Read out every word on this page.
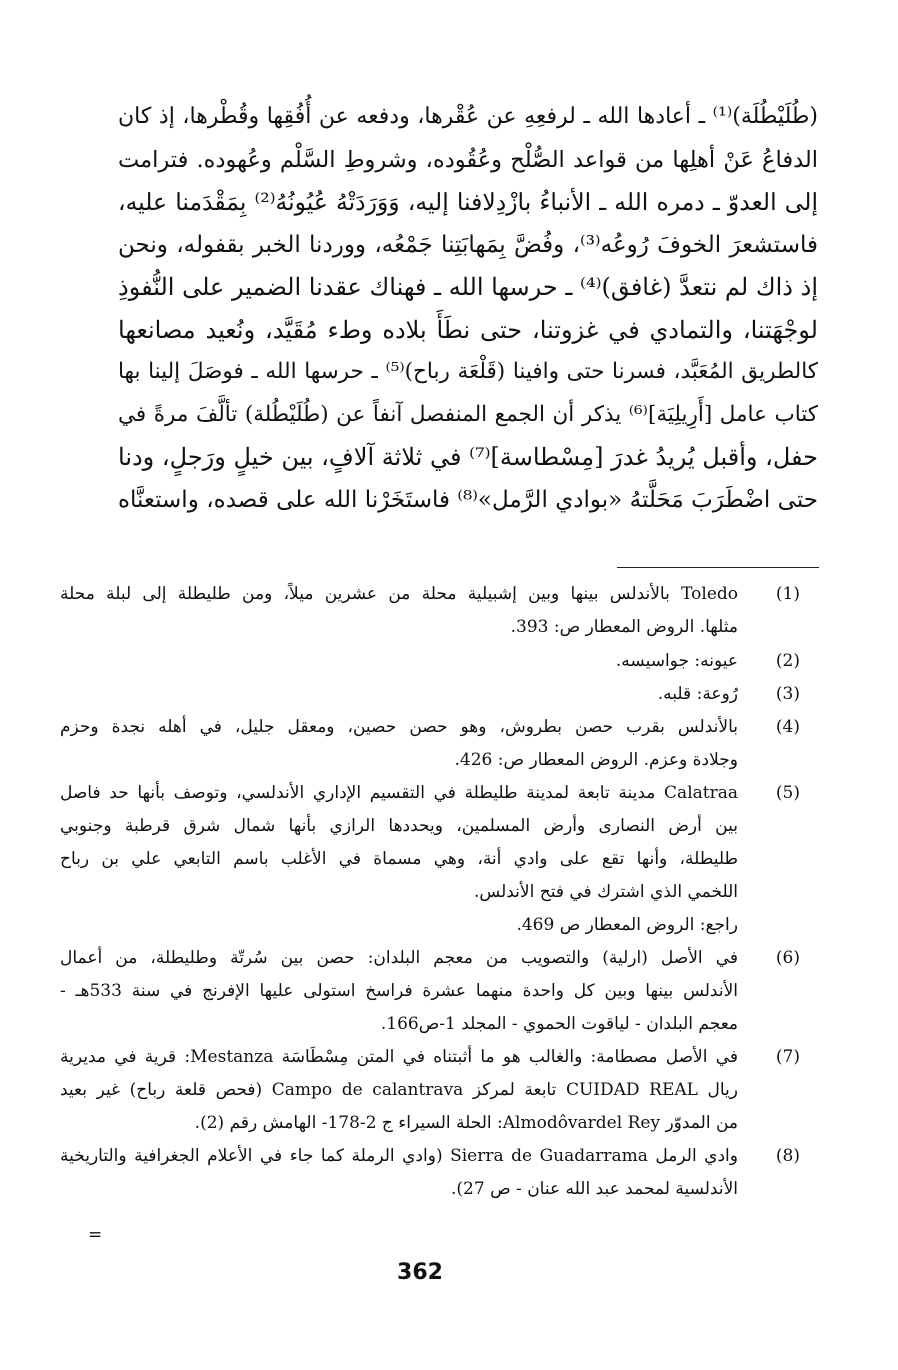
(طُلَيْطُلَة)⁽¹⁾ ـ أعادها الله ـ لرفعِهِ عن عُقْرها، ودفعه عن أُفُقِها وقُطْرها، إذ كان
الدفاعُ عَنْ أهلِها من قواعد الصُّلْح وعُقُوده، وشروطِ السَّلْم وعُهوده. فترامت
إلى العدوّ ـ دمره الله ـ الأنباءُ بازْدِلافنا إليه، وَوَرَدَتْهُ عُيُونُهُ⁽²⁾ بِمَقْدَمنا عليه،
فاستشعرَ الخوفَ رُوعُه⁽³⁾، وفُضَّ بِمَهابَتِنا جَمْعُه، ووردنا الخبر بقفوله، ونحن
إذ ذاك لم نتعدَّ (غافق)⁽⁴⁾ ـ حرسها الله ـ فهناك عقدنا الضمير على النُّفوذِ
لوجْهَتنا، والتمادي في غزوتنا، حتى نطَأَ بلاده وطء مُقَيَّد، ونُعيد مصانعها
كالطريق المُعَبَّد، فسرنا حتى وافينا (قَلْعَة رباح)⁽⁵⁾ ـ حرسها الله ـ فوصَلَ إلينا بها
كتاب عامل [أَرِيلِيَة]⁽⁶⁾ يذكر أن الجمع المنفصل آنفاً عن (طُلَيْطُلة) تألَّفَ مرةً في
حفل، وأقبل يُريدُ غدرَ [مِسْطاسة]⁽⁷⁾ في ثلاثة آلافٍ، بين خيلٍ ورَجلٍ، ودنا
حتى اضْطَرَبَ مَحَلَّتهُ «بوادي الرَّمل»⁽⁸⁾ فاستَخَرْنا الله على قصده، واستعنَّاه
(1)
Toledo بالأندلس بينها وبين إشبيلية محلة من عشرين ميلاً، ومن طليطلة إلى لبلة محلة
مثلها. الروض المعطار ص: 393.
(2)
عيونه: جواسيسه.
(3)
رُوعة: قلبه.
(4)
بالأندلس بقرب حصن بطروش، وهو حصن حصين، ومعقل جليل، في أهله نجدة وحزم
وجلادة وعزم. الروض المعطار ص: 426.
(5)
Calatraa مدينة تابعة لمدينة طليطلة في التقسيم الإداري الأندلسي، وتوصف بأنها حد فاصل
بين أرض النصارى وأرض المسلمين، ويحددها الرازي بأنها شمال شرق قرطبة وجنوبي
طليطلة، وأنها تقع على وادي أنة، وهي مسماة في الأغلب باسم التابعي علي بن رباح
اللخمي الذي اشترك في فتح الأندلس.
راجع: الروض المعطار ص 469.
(6)
في الأصل (ارلية) والتصويب من معجم البلدان: حصن بين سُرتّة وطليطلة، من أعمال
الأندلس بينها وبين كل واحدة منهما عشرة فراسخ استولى عليها الإفرنج في سنة 533هـ -
معجم البلدان - لياقوت الحموي - المجلد 1-ص166.
(7)
في الأصل مصطامة: والغالب هو ما أثبتناه في المتن مِسْطَاسَة Mestanza: قرية في مديرية
ريال CUIDAD REAL تابعة لمركز Campo de calantrava (فحص قلعة رباح) غير بعيد
من المدوّر Almodôvardel Rey: الحلة السيراء ج 2-178- الهامش رقم (2).
(8)
وادي الرمل Sierra de Guadarrama (وادي الرملة كما جاء في الأعلام الجغرافية والتاريخية
الأندلسية لمحمد عبد الله عنان - ص 27).
=
362
